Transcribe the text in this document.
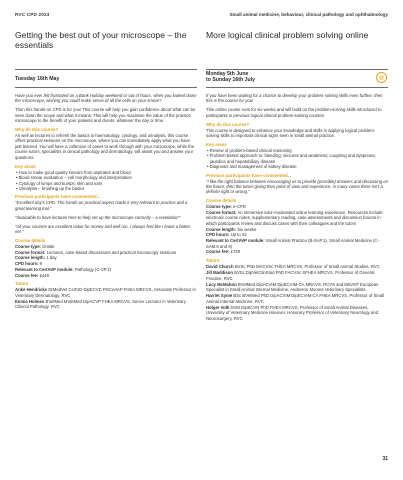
RVC CPD 2023	Small animal medicine, behaviour, clinical pathology and ophthalmology
Getting the best out of your microscope – the essentials
Tuesday 16th May

Have you ever felt frustrated on a Bank Holiday weekend or out of hours, when you looked down the microscope, wishing you could make sense of all the cells on your smear?

Then this hands-on CPD is for you! This course will help you gain confidence about what can be seen down the scope and what it means. This will help you maximise the value of the practice microscope to the benefit of your patients and clients, whatever the day or time.

Why do this course?

As well as lectures to refresh the basics in haematology, cytology, and urinalysis, this course offers practical sessions on the microscope, where you can immediately apply what you have just learned. You will have a collection of cases to work through with your microscope, while the course tutors, specialists in clinical pathology and dermatology, will assist you and answer your questions.

Key areas
• How to make good quality smears from aspirates and blood
• Blood smear evaluation – cell morphology and interpretation
• Cytology of lumps and bumps, skin and ears
• Urinalysis – brushing up the basics
Previous participants have commented...

"Excellent day's CPD. The hands-on practical aspect made it very relevant to practice and a great learning tool."

"Invaluable to have lectures here to help set up the microscope correctly – a revelation!"

"All your courses are excellent value for money and well run. I always feel like I leave a better vet."

Course details
Course type: Onsite
Course format: Lectures, case-based discussions and practical microscopy sessions
Course length: 1 day
CPD hours: 8
Relevant to CertAVP module: Pathology (C-VP.3)
Course fee: £449
Tutors
Anke Hendricks DrMedVet CertVD DipECVD PGCertAP FHEA MRCVS, Associate Professor in Veterinary Dermatology, RVC
Emma Holmes BVetMed MVetMed DipACVP FHEA MRCVS, Senior Lecturer in Veterinary Clinical Pathology, RVC
More logical clinical problem solving online
Monday 5th June
to Sunday 16th July	@

If you have been waiting for a chance to develop your problem-solving skills even further, then this is the course for you!

This online course runs for six weeks and will build on the problem-solving skills introduced to participants in previous logical clinical problem-solving courses.

Why do this course?

This course is designed to enhance your knowledge and skills in applying logical problem-solving skills to important clinical signs seen in small animal practice.

Key areas
• Review of problem-based clinical reasoning
• Problem-based approach to: bleeding; seizures and weakness; coughing and dyspnoea; jaundice and hepatobiliary disease
• Diagnosis and management of kidney disease
Previous participants have commented...

"I like the right balance between encouraging us to provide (possible) answers and discussing on the forum, then the tutors giving their point of view and experience, in many cases there isn't a definite right or wrong."

Course details
Course type: e-CPD
Course format: An immersive tutor-moderated online learning experience. Resources include electronic course notes, supplementary reading, case assessments and discussion forums in which participants review and discuss cases with their colleagues and the tutors
Course length: Six weeks
CPD hours: Up to 42
Relevant to CertAVP module: Small Animal Practice (B-SAP.1), Small Animal Medicine (C-SAM.8 and 9)
Course fee: £729
Tutors
David Church BVSc PhD MACVSc FHEA MRCVS, Professor of Small Animal Studies, RVC
Jill Maddison BVSc DipVetClinStud PhD FACVSc SFHEA MRCVS, Professor of General Practice, RVC
Lucy McMahon BVetMed DipACVIM DipECVIM-CA MRCVS, RCVS and EBVS® European Specialist in Small Animal Internal Medicine, Anderson Moores Veterinary Specialists
Harriet Syme BSc BVetMed PhD DipACVIM DipECVIM-CA FHEA MRCVS, Professor of Small Animal Internal Medicine, RVC
Holger Volk DVM DipECVN PhD FHEA MRCVS, Professor of Small Animal Diseases, University of Veterinary Medicine Hanover, Honorary Professor of Veterinary Neurology and Neurosurgery, RVC
31
